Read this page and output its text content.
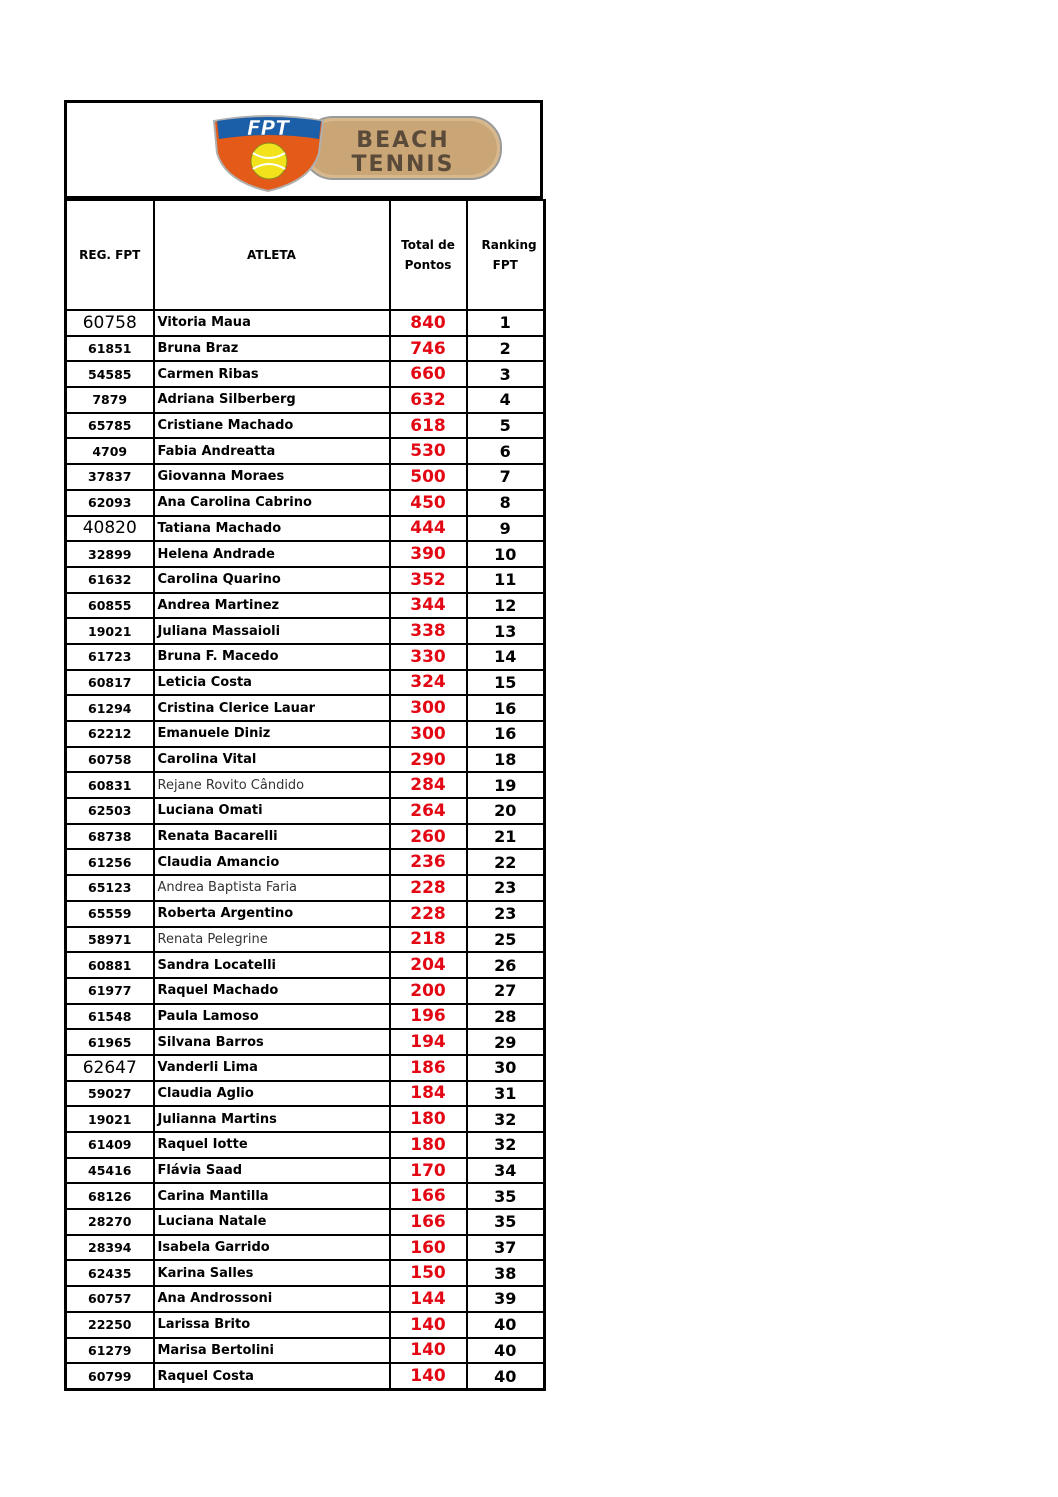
FPT	BEACH
TENNIS
REG. FPT	ATLETA	Total de Pontos	Ranking FPT

60758	Vitoria Maua	840	1
61851	Bruna Braz	746	2
54585	Carmen Ribas	660	3
7879	Adriana Silberberg	632	4
65785	Cristiane Machado	618	5
4709	Fabia Andreatta	530	6
37837	Giovanna Moraes	500	7
62093	Ana Carolina Cabrino	450	8
40820	Tatiana Machado	444	9
32899	Helena Andrade	390	10
61632	Carolina Quarino	352	11
60855	Andrea Martinez	344	12
19021	Juliana Massaioli	338	13
61723	Bruna F. Macedo	330	14
60817	Leticia Costa	324	15
61294	Cristina Clerice Lauar	300	16
62212	Emanuele Diniz	300	16
60758	Carolina Vital	290	18
60831	Rejane Rovito Cândido	284	19
62503	Luciana Omati	264	20
68738	Renata Bacarelli	260	21
61256	Claudia Amancio	236	22
65123	Andrea Baptista Faria	228	23
65559	Roberta Argentino	228	23
58971	Renata Pelegrine	218	25
60881	Sandra Locatelli	204	26
61977	Raquel Machado	200	27
61548	Paula Lamoso	196	28
61965	Silvana Barros	194	29
62647	Vanderli Lima	186	30
59027	Claudia Aglio	184	31
19021	Julianna Martins	180	32
61409	Raquel Iotte	180	32
45416	Flávia Saad	170	34
68126	Carina Mantilla	166	35
28270	Luciana Natale	166	35
28394	Isabela Garrido	160	37
62435	Karina Salles	150	38
60757	Ana Androssoni	144	39
22250	Larissa Brito	140	40
61279	Marisa Bertolini	140	40
60799	Raquel Costa	140	40
